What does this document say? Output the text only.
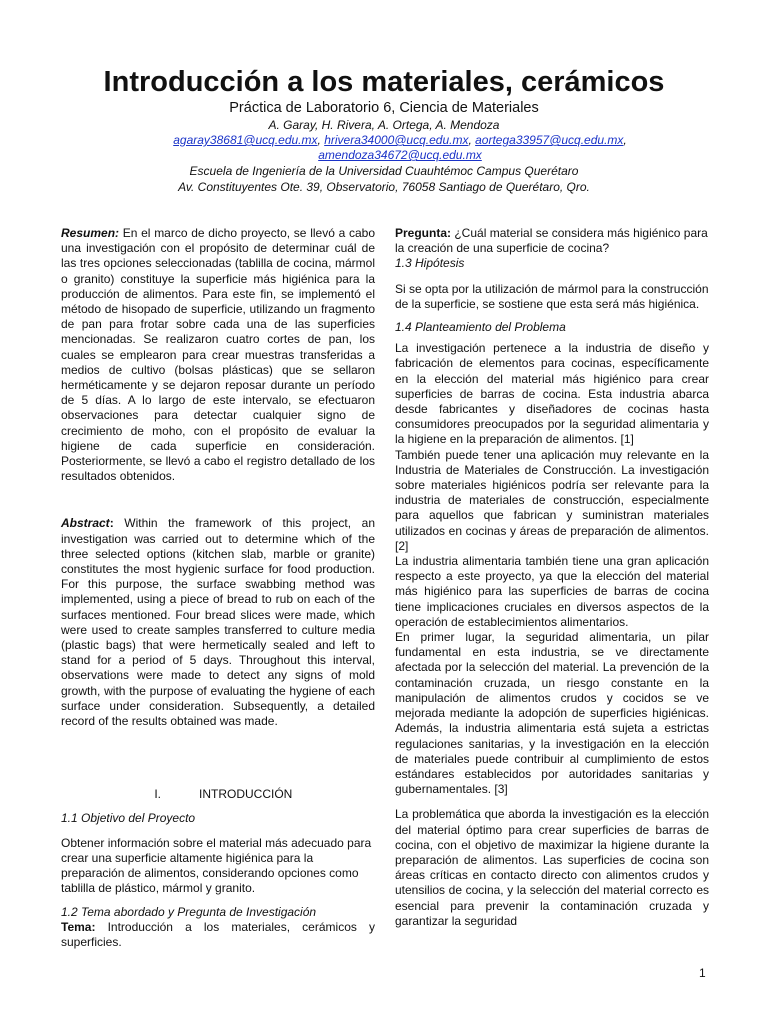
Introducción a los materiales, cerámicos
Práctica de Laboratorio 6, Ciencia de Materiales
A. Garay, H. Rivera, A. Ortega, A. Mendoza
agaray38681@ucq.edu.mx, hrivera34000@ucq.edu.mx, aortega33957@ucq.edu.mx,
amendoza34672@ucq.edu.mx
Escuela de Ingeniería de la Universidad Cuauhtémoc Campus Querétaro
Av. Constituyentes Ote. 39, Observatorio, 76058 Santiago de Querétaro, Qro.

Resumen: En el marco de dicho proyecto, se llevó a cabo una investigación con el propósito de determinar cuál de las tres opciones seleccionadas (tablilla de cocina, mármol o granito) constituye la superficie más higiénica para la producción de alimentos. Para este fin, se implementó el método de hisopado de superficie, utilizando un fragmento de pan para frotar sobre cada una de las superficies mencionadas. Se realizaron cuatro cortes de pan, los cuales se emplearon para crear muestras transferidas a medios de cultivo (bolsas plásticas) que se sellaron herméticamente y se dejaron reposar durante un período de 5 días. A lo largo de este intervalo, se efectuaron observaciones para detectar cualquier signo de crecimiento de moho, con el propósito de evaluar la higiene de cada superficie en consideración. Posteriormente, se llevó a cabo el registro detallado de los resultados obtenidos.

Abstract: Within the framework of this project, an investigation was carried out to determine which of the three selected options (kitchen slab, marble or granite) constitutes the most hygienic surface for food production. For this purpose, the surface swabbing method was implemented, using a piece of bread to rub on each of the surfaces mentioned. Four bread slices were made, which were used to create samples transferred to culture media (plastic bags) that were hermetically sealed and left to stand for a period of 5 days. Throughout this interval, observations were made to detect any signs of mold growth, with the purpose of evaluating the hygiene of each surface under consideration. Subsequently, a detailed record of the results obtained was made.

I.	INTRODUCCIÓN

1.1 Objetivo del Proyecto

Obtener información sobre el material más adecuado para crear una superficie altamente higiénica para la preparación de alimentos, considerando opciones como tablilla de plástico, mármol y granito.

1.2 Tema abordado y Pregunta de Investigación

Tema: Introducción a los materiales, cerámicos y superficies.

Pregunta: ¿Cuál material se considera más higiénico para la creación de una superficie de cocina?

1.3 Hipótesis

Si se opta por la utilización de mármol para la construcción de la superficie, se sostiene que esta será más higiénica.

1.4 Planteamiento del Problema

La investigación pertenece a la industria de diseño y fabricación de elementos para cocinas, específicamente en la elección del material más higiénico para crear superficies de barras de cocina. Esta industria abarca desde fabricantes y diseñadores de cocinas hasta consumidores preocupados por la seguridad alimentaria y la higiene en la preparación de alimentos. [1]

También puede tener una aplicación muy relevante en la Industria de Materiales de Construcción. La investigación sobre materiales higiénicos podría ser relevante para la industria de materiales de construcción, especialmente para aquellos que fabrican y suministran materiales utilizados en cocinas y áreas de preparación de alimentos. [2]

La industria alimentaria también tiene una gran aplicación respecto a este proyecto, ya que la elección del material más higiénico para las superficies de barras de cocina tiene implicaciones cruciales en diversos aspectos de la operación de establecimientos alimentarios.

En primer lugar, la seguridad alimentaria, un pilar fundamental en esta industria, se ve directamente afectada por la selección del material. La prevención de la contaminación cruzada, un riesgo constante en la manipulación de alimentos crudos y cocidos se ve mejorada mediante la adopción de superficies higiénicas. Además, la industria alimentaria está sujeta a estrictas regulaciones sanitarias, y la investigación en la elección de materiales puede contribuir al cumplimiento de estos estándares establecidos por autoridades sanitarias y gubernamentales. [3]

La problemática que aborda la investigación es la elección del material óptimo para crear superficies de barras de cocina, con el objetivo de maximizar la higiene durante la preparación de alimentos. Las superficies de cocina son áreas críticas en contacto directo con alimentos crudos y utensilios de cocina, y la selección del material correcto es esencial para prevenir la contaminación cruzada y garantizar la seguridad

1
